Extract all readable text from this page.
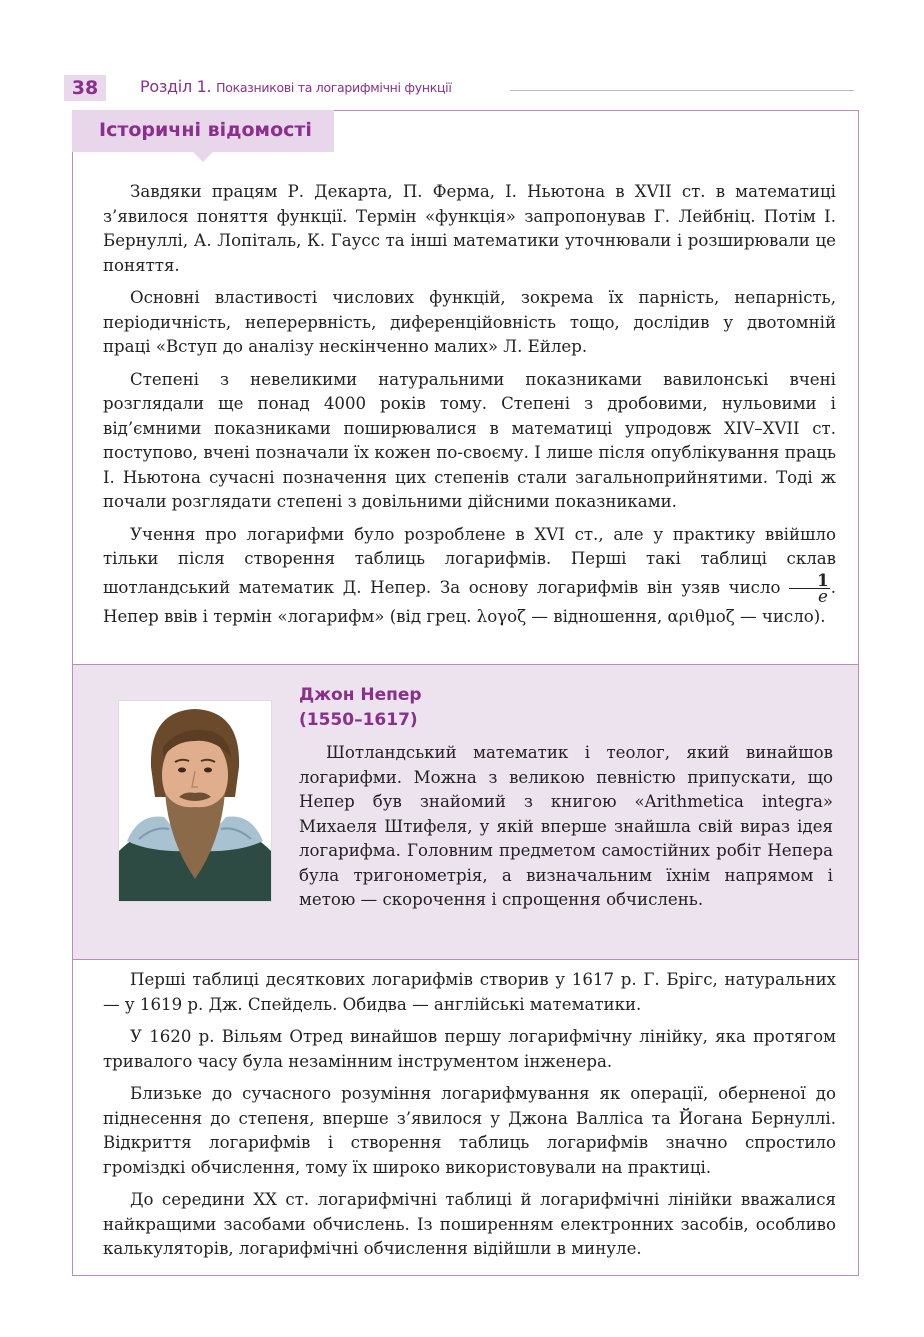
38	Розділ 1. Показникові та логарифмічні функції
Історичні відомості

Завдяки працям Р. Декарта, П. Ферма, І. Ньютона в XVII ст. в математиці з’явилося поняття функції. Термін «функція» запропонував Г. Лейбніц. Потім І. Бернуллі, А. Лопіталь, К. Гаусс та інші математики уточнювали і розширювали це поняття.

Основні властивості числових функцій, зокрема їх парність, непарність, періодичність, неперервність, диференційовність тощо, дослідив у двотомній праці «Вступ до аналізу нескінченно малих» Л. Ейлер.

Степені з невеликими натуральними показниками вавилонські вчені розглядали ще понад 4000 років тому. Степені з дробовими, нульовими і від’ємними показниками поширювалися в математиці упродовж XIV–XVII ст. поступово, вчені позначали їх кожен по-своєму. І лише після опублікування праць І. Ньютона сучасні позначення цих степенів стали загальноприйнятими. Тоді ж почали розглядати степені з довільними дійсними показниками.

Учення про логарифми було розроблене в XVI ст., але у практику ввійшло тільки після створення таблиць логарифмів. Перші такі таблиці склав шотландський математик Д. Непер. За основу логарифмів він узяв число $\frac{1}{e}$ . Непер ввів і термін «логарифм» (від грец. λογοζ — відношення, αριθμοζ — число).

Джон Непер
(1550–1617)

Шотландський математик і теолог, який винайшов логарифми. Можна з великою певністю припускати, що Непер був знайомий з книгою «Arithmetica integra» Михаеля Штифеля, у якій вперше знайшла свій вираз ідея логарифма. Головним предметом самостійних робіт Непера була тригонометрія, а визначальним їхнім напрямом і метою — скорочення і спрощення обчислень.

Перші таблиці десяткових логарифмів створив у 1617 р. Г. Брігс, натуральних — у 1619 р. Дж. Спейдель. Обидва — англійські математики.

У 1620 р. Вільям Отред винайшов першу логарифмічну лінійку, яка протягом тривалого часу була незамінним інструментом інженера.

Близьке до сучасного розуміння логарифмування як операції, оберненої до піднесення до степеня, вперше з’явилося у Джона Валліса та Йогана Бернуллі. Відкриття логарифмів і створення таблиць логарифмів значно спростило громіздкі обчислення, тому їх широко використовували на практиці.

До середини XX ст. логарифмічні таблиці й логарифмічні лінійки вважалися найкращими засобами обчислень. Із поширенням електронних засобів, особливо калькуляторів, логарифмічні обчислення відійшли в минуле.
